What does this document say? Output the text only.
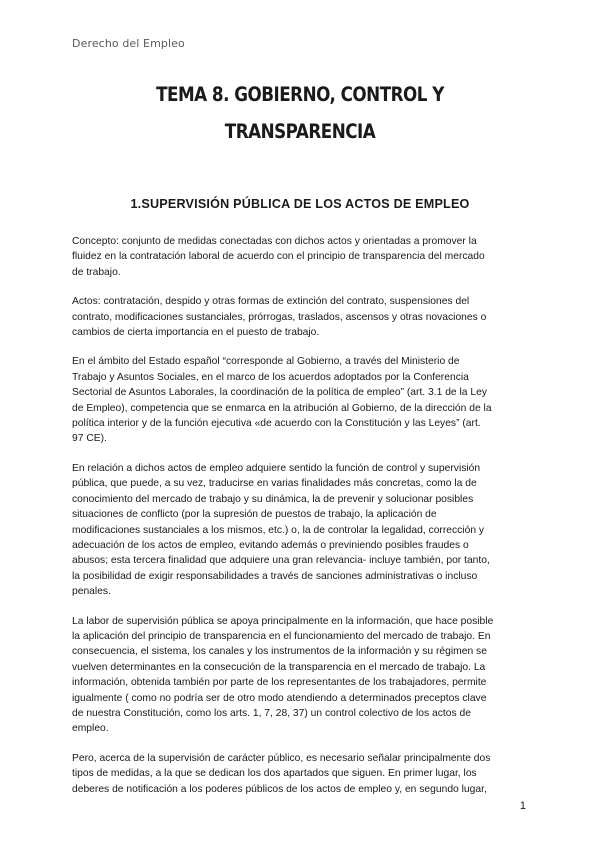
Derecho del Empleo
TEMA 8. GOBIERNO, CONTROL Y
TRANSPARENCIA
1.SUPERVISIÓN PÚBLICA DE LOS ACTOS DE EMPLEO

Concepto: conjunto de medidas conectadas con dichos actos y orientadas a promover la
fluidez en la contratación laboral de acuerdo con el principio de transparencia del mercado
de trabajo.

Actos: contratación, despido y otras formas de extinción del contrato, suspensiones del
contrato, modificaciones sustanciales, prórrogas, traslados, ascensos y otras novaciones o
cambios de cierta importancia en el puesto de trabajo.

En el ámbito del Estado español “corresponde al Gobierno, a través del Ministerio de
Trabajo y Asuntos Sociales, en el marco de los acuerdos adoptados por la Conferencia
Sectorial de Asuntos Laborales, la coordinación de la política de empleo” (art. 3.1 de la Ley
de Empleo), competencia que se enmarca en la atribución al Gobierno, de la dirección de la
política interior y de la función ejecutiva «de acuerdo con la Constitución y las Leyes” (art.
97 CE).

En relación a dichos actos de empleo adquiere sentido la función de control y supervisión
pública, que puede, a su vez, traducirse en varias finalidades más concretas, como la de
conocimiento del mercado de trabajo y su dinámica, la de prevenir y solucionar posibles
situaciones de conflicto (por la supresión de puestos de trabajo, la aplicación de
modificaciones sustanciales a los mismos, etc.) o, la de controlar la legalidad, corrección y
adecuación de los actos de empleo, evitando además o previniendo posibles fraudes o
abusos; esta tercera finalidad que adquiere una gran relevancia- incluye también, por tanto,
la posibilidad de exigir responsabilidades a través de sanciones administrativas o incluso
penales.

La labor de supervisión pública se apoya principalmente en la información, que hace posible
la aplicación del principio de transparencia en el funcionamiento del mercado de trabajo. En
consecuencia, el sistema, los canales y los instrumentos de la información y su régimen se
vuelven determinantes en la consecución de la transparencia en el mercado de trabajo. La
información, obtenida también por parte de los representantes de los trabajadores, permite
igualmente ( como no podría ser de otro modo atendiendo a determinados preceptos clave
de nuestra Constitución, como los arts. 1, 7, 28, 37) un control colectivo de los actos de
empleo.

Pero, acerca de la supervisión de carácter público, es necesario señalar principalmente dos
tipos de medidas, a la que se dedican los dos apartados que siguen. En primer lugar, los
deberes de notificación a los poderes públicos de los actos de empleo y, en segundo lugar,

1
